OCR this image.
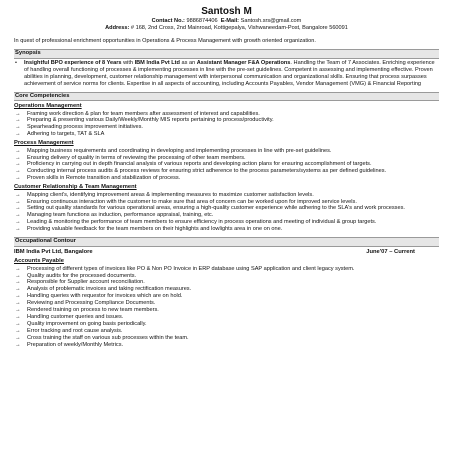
Santosh M
Contact No.: 9886874406 E-Mail: Santosh.srs@gmail.com
Address: # 168, 2nd Cross, 2nd Mainroad, Kottigepalya, Vishwaneedam-Post, Bangalore 560091
In quest of professional enrichment opportunities in Operations & Process Management with growth oriented organization.
Synopsis
•	Insightful BPO experience of 8 Years with IBM India Pvt Ltd as an Assistant Manager F&A Operations. Handling the Team of 7 Associates. Enriching experience of handling overall functioning of processes & implementing processes in line with the pre-set guidelines. Competent in assessing and implementing effective. Proven abilities in planning, development, customer relationship management with interpersonal communication and organizational skills. Ensuring that process surpasses achievement of service norms for clients. Expertise in all aspects of accounting, including Accounts Payables, Vendor Management (VMG) & Financial Reporting
Core Competencies
Operations Management
→	Framing work direction & plan for team members after assessment of interest and capabilities.
→	Preparing & presenting various Daily/Weekly/Monthly MIS reports pertaining to process/productivity.
→	Spearheading process improvement initiatives.
→	Adhering to targets, TAT & SLA
Process Management
→	Mapping business requirements and coordinating in developing and implementing processes in line with pre-set guidelines.
→	Ensuring delivery of quality in terms of reviewing the processing of other team members.
→	Proficiency in carrying out in depth financial analysis of various reports and developing action plans for ensuring accomplishment of targets.
→	Conducting internal process audits & process reviews for ensuring strict adherence to the process parameters/systems as per defined guidelines.
→	Proven skills in Remote transition and stabilization of process.
Customer Relationship & Team Management
→	Mapping client's, identifying improvement areas & implementing measures to maximize customer satisfaction levels.
→	Ensuring continuous interaction with the customer to make sure that area of concern can be worked upon for improved service levels.
→	Setting out quality standards for various operational areas, ensuring a high-quality customer experience while adhering to the SLA's and work processes.
→	Managing team functions as induction, performance appraisal, training, etc.
→	Leading & monitoring the performance of team members to ensure efficiency in process operations and meeting of individual & group targets.
→	Providing valuable feedback for the team members on their highlights and lowlights area in one on one.
Occupational Contour
IBM India Pvt Ltd, Bangalore	June'07 – Current
Accounts Payable
→	Processing of different types of invoices like PO & Non PO Invoice in ERP database using SAP application and client legacy system.
→	Quality audits for the processed documents.
→	Responsible for Supplier account reconciliation.
→	Analysis of problematic invoices and taking rectification measures.
→	Handling queries with requestor for invoices which are on hold.
→	Reviewing and Processing Compliance Documents.
→	Rendered training on process to new team members.
→	Handling customer queries and issues.
→	Quality improvement on going basis periodically.
→	Error tracking and root cause analysis.
→	Cross training the staff on various sub processes within the team.
→	Preparation of weekly/Monthly Metrics.
